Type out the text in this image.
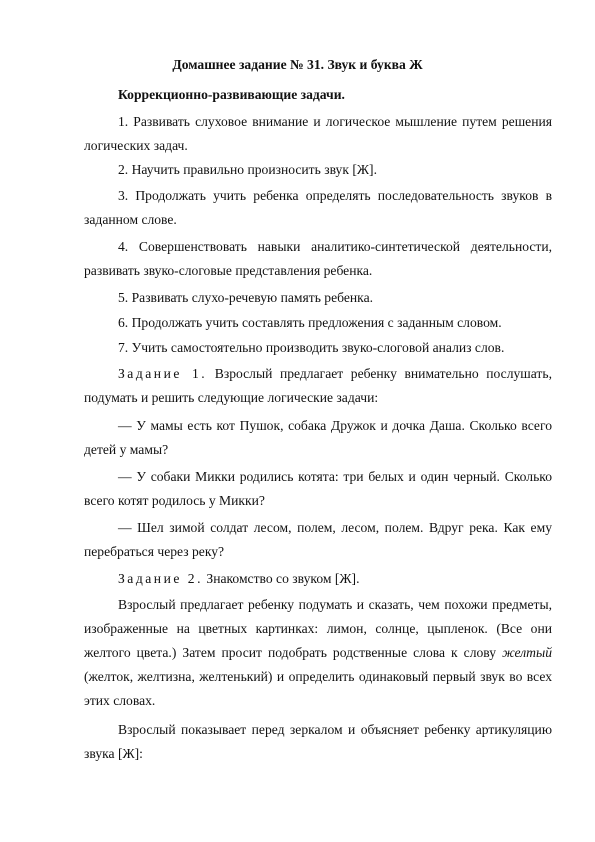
Домашнее задание № 31. Звук и буква Ж
Коррекционно-развивающие задачи.
1. Развивать слуховое внимание и логическое мышление путем решения логических задач.
2. Научить правильно произносить звук [Ж].
3. Продолжать учить ребенка определять последовательность звуков в заданном слове.
4. Совершенствовать навыки аналитико-синтетической деятельности, развивать звуко-слоговые представления ребенка.
5. Развивать слухо-речевую память ребенка.
6. Продолжать учить составлять предложения с заданным словом.
7. Учить самостоятельно производить звуко-слоговой анализ слов.
Задание 1. Взрослый предлагает ребенку внимательно послушать, подумать и решить следующие логические задачи:
— У мамы есть кот Пушок, собака Дружок и дочка Даша. Сколько всего детей у мамы?
— У собаки Микки родились котята: три белых и один черный. Сколько всего котят родилось у Микки?
— Шел зимой солдат лесом, полем, лесом, полем. Вдруг река. Как ему перебраться через реку?
Задание 2. Знакомство со звуком [Ж].
Взрослый предлагает ребенку подумать и сказать, чем похожи предметы, изображенные на цветных картинках: лимон, солнце, цыпленок. (Все они желтого цвета.) Затем просит подобрать родственные слова к слову желтый (желток, желтизна, желтенький) и определить одинаковый первый звук во всех этих словах.
Взрослый показывает перед зеркалом и объясняет ребенку артикуляцию звука [Ж]:
